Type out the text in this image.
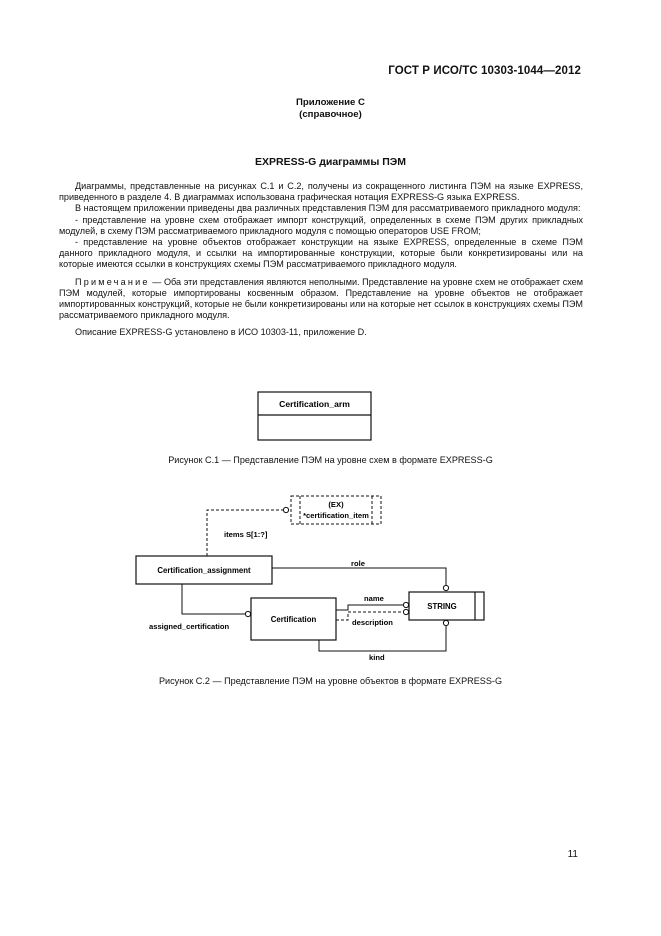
ГОСТ Р ИСО/ТС 10303-1044—2012
Приложение С
(справочное)
EXPRESS-G диаграммы ПЭМ

Диаграммы, представленные на рисунках С.1 и С.2, получены из сокращенного листинга ПЭМ на языке EXPRESS, приведенного в разделе 4. В диаграммах использована графическая нотация EXPRESS-G языка EXPRESS.

В настоящем приложении приведены два различных представления ПЭМ для рассматриваемого прикладного модуля:

- представление на уровне схем отображает импорт конструкций, определенных в схеме ПЭМ других прикладных модулей, в схему ПЭМ рассматриваемого прикладного модуля с помощью операторов USE FROM;

- представление на уровне объектов отображает конструкции на языке EXPRESS, определенные в схеме ПЭМ данного прикладного модуля, и ссылки на импортированные конструкции, которые были конкретизированы или на которые имеются ссылки в конструкциях схемы ПЭМ рассматриваемого прикладного модуля.

Примечание — Оба эти представления являются неполными. Представление на уровне схем не отображает схем ПЭМ модулей, которые импортированы косвенным образом. Представление на уровне объектов не отображает импортированных конструкций, которые не были конкретизированы или на которые нет ссылок в конструкциях схемы ПЭМ рассматриваемого прикладного модуля.

Описание EXPRESS-G установлено в ИСО 10303-11, приложение D.

Certification_arm
Рисунок С.1 — Представление ПЭМ на уровне схем в формате EXPRESS-G
(EX)
*certification_item
items S[1:?]
Certification_assignment
role
assigned_certification
Certification
name
description
STRING
kind
Рисунок С.2 — Представление ПЭМ на уровне объектов в формате EXPRESS-G
11
